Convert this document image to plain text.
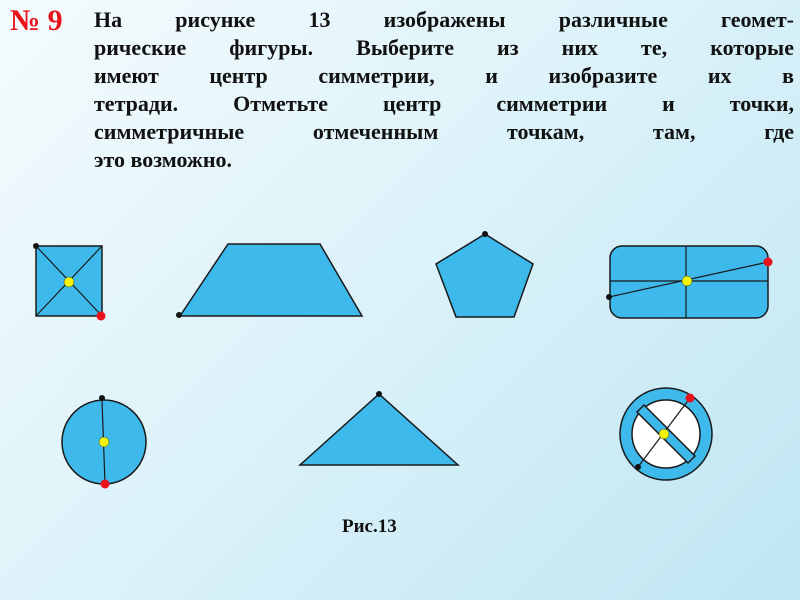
№ 9 На рисунке 13 изображены различные геомет-
рические фигуры. Выберите из них те, которые
имеют центр симметрии, и изобразите их в
тетради. Отметьте центр симметрии и точки,
симметричные отмеченным точкам, там, где
это возможно.
Рис.13
